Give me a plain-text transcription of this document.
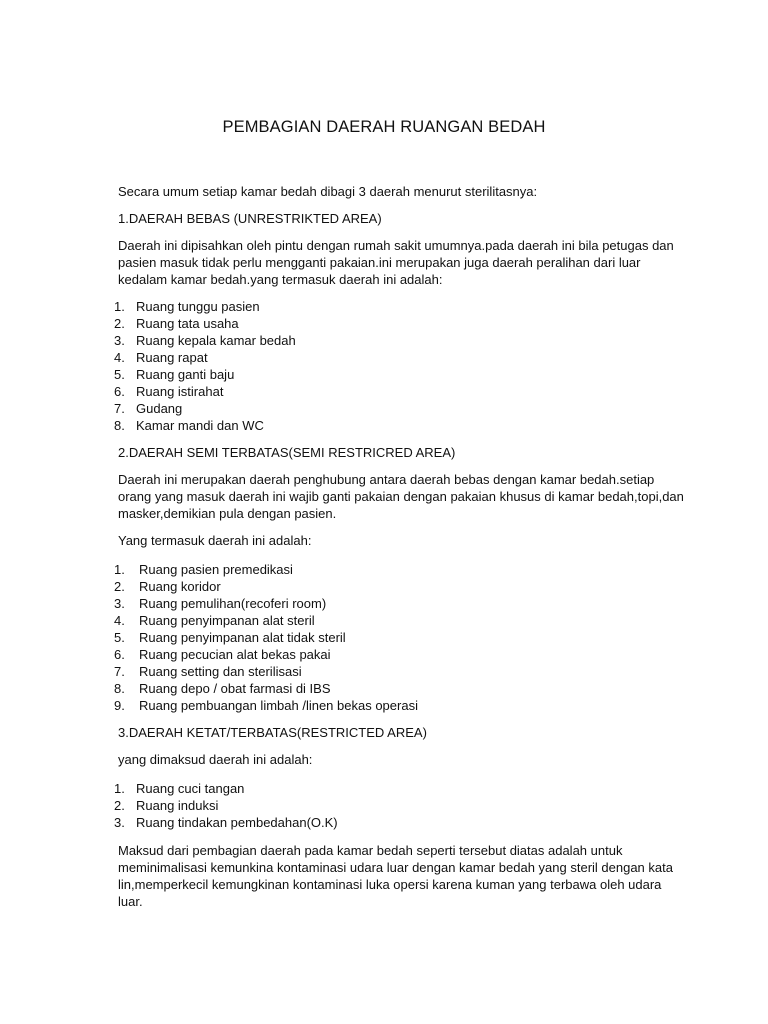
PEMBAGIAN DAERAH RUANGAN BEDAH

Secara umum setiap kamar bedah dibagi 3 daerah menurut sterilitasnya:

1.DAERAH BEBAS (UNRESTRIKTED AREA)

Daerah ini dipisahkan oleh pintu dengan rumah sakit umumnya.pada daerah ini bila petugas dan pasien masuk tidak perlu mengganti pakaian.ini merupakan juga daerah peralihan dari luar kedalam kamar bedah.yang termasuk daerah ini adalah:

1. Ruang tunggu pasien
2. Ruang tata usaha
3. Ruang kepala kamar bedah
4. Ruang rapat
5. Ruang ganti baju
6. Ruang istirahat
7. Gudang
8. Kamar mandi dan WC

2.DAERAH SEMI TERBATAS(SEMI RESTRICRED AREA)

Daerah ini merupakan daerah penghubung antara daerah bebas dengan kamar bedah.setiap orang yang masuk daerah ini wajib ganti pakaian dengan pakaian khusus di kamar bedah,topi,dan masker,demikian pula dengan pasien.

Yang termasuk daerah ini adalah:

1.	Ruang pasien premedikasi
2.	Ruang koridor
3.	Ruang pemulihan(recoferi room)
4.	Ruang penyimpanan alat steril
5.	Ruang penyimpanan alat tidak steril
6.	Ruang pecucian alat bekas pakai
7.	Ruang setting dan sterilisasi
8.	Ruang depo / obat farmasi di IBS
9.	Ruang pembuangan limbah /linen bekas operasi

3.DAERAH KETAT/TERBATAS(RESTRICTED AREA)

yang dimaksud daerah ini adalah:

1. Ruang cuci tangan
2. Ruang induksi
3. Ruang tindakan pembedahan(O.K)

Maksud dari pembagian daerah pada kamar bedah seperti tersebut diatas adalah untuk meminimalisasi kemunkina kontaminasi udara luar dengan kamar bedah yang steril dengan kata lin,memperkecil kemungkinan kontaminasi luka opersi karena kuman yang terbawa oleh udara luar.
